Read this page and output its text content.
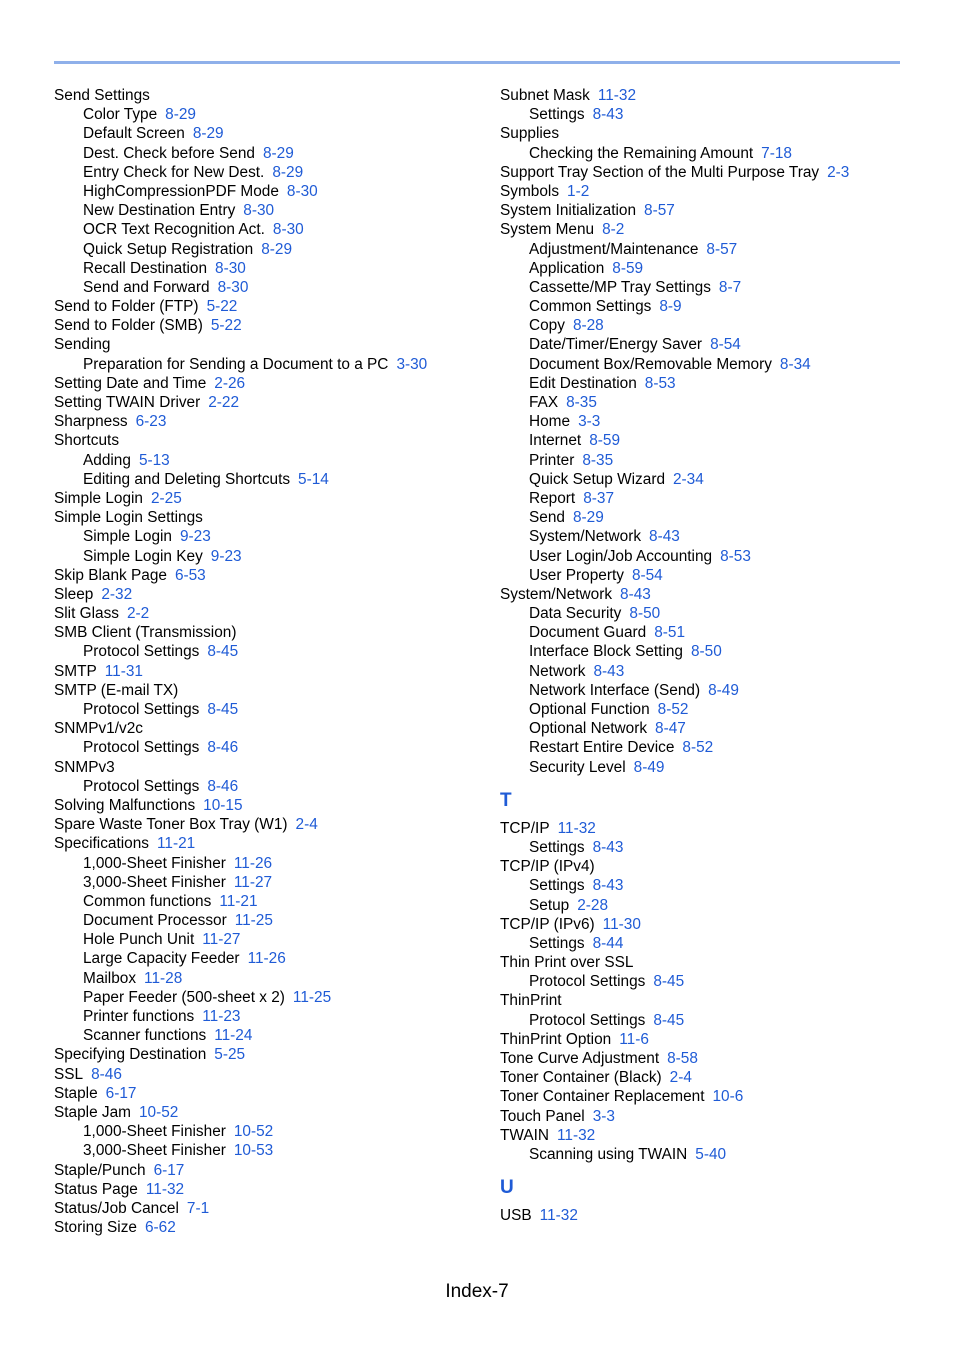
Send Settings
Color Type 8-29
Default Screen 8-29
Dest. Check before Send 8-29
Entry Check for New Dest. 8-29
HighCompressionPDF Mode 8-30
New Destination Entry 8-30
OCR Text Recognition Act. 8-30
Quick Setup Registration 8-29
Recall Destination 8-30
Send and Forward 8-30
Send to Folder (FTP) 5-22
Send to Folder (SMB) 5-22
Sending
Preparation for Sending a Document to a PC 3-30
Setting Date and Time 2-26
Setting TWAIN Driver 2-22
Sharpness 6-23
Shortcuts
Adding 5-13
Editing and Deleting Shortcuts 5-14
Simple Login 2-25
Simple Login Settings
Simple Login 9-23
Simple Login Key 9-23
Skip Blank Page 6-53
Sleep 2-32
Slit Glass 2-2
SMB Client (Transmission)
Protocol Settings 8-45
SMTP 11-31
SMTP (E-mail TX)
Protocol Settings 8-45
SNMPv1/v2c
Protocol Settings 8-46
SNMPv3
Protocol Settings 8-46
Solving Malfunctions 10-15
Spare Waste Toner Box Tray (W1) 2-4
Specifications 11-21
1,000-Sheet Finisher 11-26
3,000-Sheet Finisher 11-27
Common functions 11-21
Document Processor 11-25
Hole Punch Unit 11-27
Large Capacity Feeder 11-26
Mailbox 11-28
Paper Feeder (500-sheet x 2) 11-25
Printer functions 11-23
Scanner functions 11-24
Specifying Destination 5-25
SSL 8-46
Staple 6-17
Staple Jam 10-52
1,000-Sheet Finisher 10-52
3,000-Sheet Finisher 10-53
Staple/Punch 6-17
Status Page 11-32
Status/Job Cancel 7-1
Storing Size 6-62
Subnet Mask 11-32
Settings 8-43
Supplies
Checking the Remaining Amount 7-18
Support Tray Section of the Multi Purpose Tray 2-3
Symbols 1-2
System Initialization 8-57
System Menu 8-2
Adjustment/Maintenance 8-57
Application 8-59
Cassette/MP Tray Settings 8-7
Common Settings 8-9
Copy 8-28
Date/Timer/Energy Saver 8-54
Document Box/Removable Memory 8-34
Edit Destination 8-53
FAX 8-35
Home 3-3
Internet 8-59
Printer 8-35
Quick Setup Wizard 2-34
Report 8-37
Send 8-29
System/Network 8-43
User Login/Job Accounting 8-53
User Property 8-54
System/Network 8-43
Data Security 8-50
Document Guard 8-51
Interface Block Setting 8-50
Network 8-43
Network Interface (Send) 8-49
Optional Function 8-52
Optional Network 8-47
Restart Entire Device 8-52
Security Level 8-49
T
TCP/IP 11-32
Settings 8-43
TCP/IP (IPv4)
Settings 8-43
Setup 2-28
TCP/IP (IPv6) 11-30
Settings 8-44
Thin Print over SSL
Protocol Settings 8-45
ThinPrint
Protocol Settings 8-45
ThinPrint Option 11-6
Tone Curve Adjustment 8-58
Toner Container (Black) 2-4
Toner Container Replacement 10-6
Touch Panel 3-3
TWAIN 11-32
Scanning using TWAIN 5-40
U
USB 11-32
Index-7
